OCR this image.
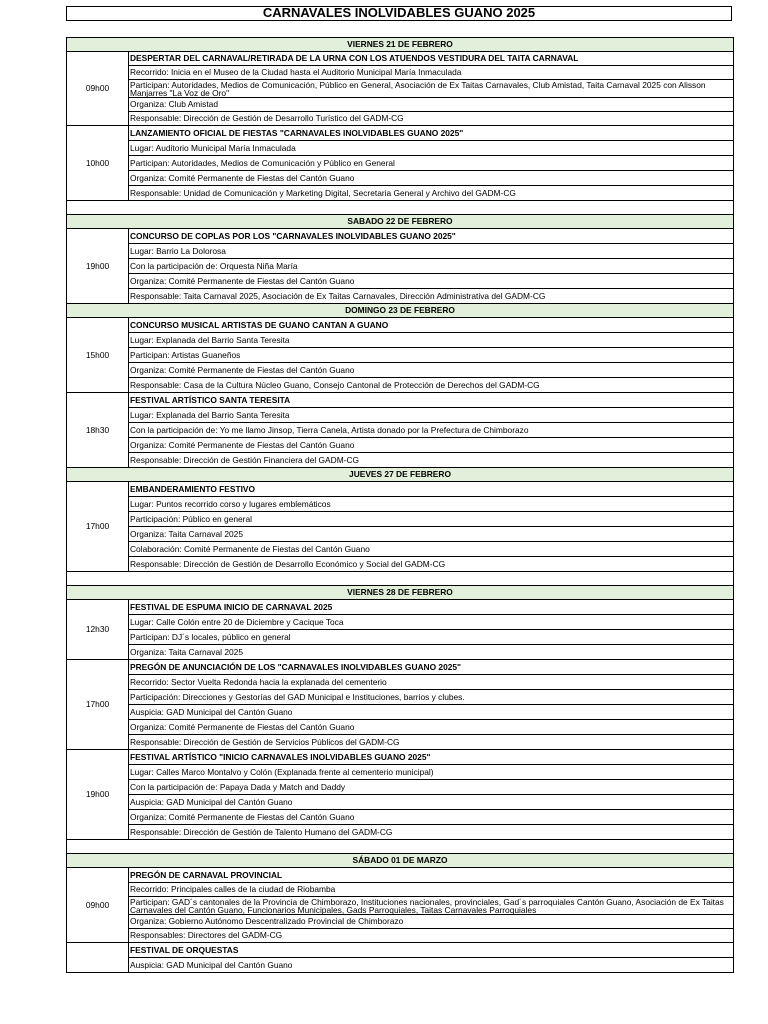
CARNAVALES INOLVIDABLES GUANO 2025
VIERNES 21 DE FEBRERO	
09h00	DESPERTAR DEL CARNAVAL/RETIRADA DE LA URNA CON LOS ATUENDOS VESTIDURA DEL TAITA CARNAVAL
	Recorrido: Inicia en el Museo de la Ciudad hasta el Auditorio Municipal María Inmaculada
	Participan: Autoridades, Medios de Comunicación, Público en General, Asociación de Ex Taitas Carnavales, Club Amistad, Taita Carnaval 2025 con Alisson Manjarres "La Voz de Oro"
	Organiza: Club Amistad
	Responsable: Dirección de Gestión de Desarrollo Turístico del GADM-CG
10h00	LANZAMIENTO OFICIAL DE FIESTAS "CARNAVALES INOLVIDABLES GUANO 2025"
	Lugar: Auditorio Municipal María Inmaculada
	Participan: Autoridades, Medios de Comunicación y Público en General
	Organiza: Comité Permanente de Fiestas del Cantón Guano
	Responsable: Unidad de Comunicación y Marketing Digital, Secretaria General y Archivo del GADM-CG

SABADO 22 DE FEBRERO	
19h00	CONCURSO DE COPLAS POR LOS "CARNAVALES INOLVIDABLES GUANO 2025"
	Lugar: Barrio La Dolorosa
	Con la participación de: Orquesta Niña María
	Organiza: Comité Permanente de Fiestas del Cantón Guano
	Responsable: Taita Carnaval 2025, Asociación de Ex Taitas Carnavales, Dirección Administrativa del GADM-CG
DOMINGO 23 DE FEBRERO	
15h00	CONCURSO MUSICAL ARTISTAS DE GUANO CANTAN A GUANO
	Lugar: Explanada del Barrio Santa Teresita
	Participan: Artistas Guaneños
	Organiza: Comité Permanente de Fiestas del Cantón Guano
	Responsable: Casa de la Cultura Núcleo Guano, Consejo Cantonal de Protección de Derechos del GADM-CG
18h30	FESTIVAL ARTÍSTICO SANTA TERESITA
	Lugar: Explanada del Barrio Santa Teresita
	Con la participación de: Yo me llamo Jinsop, Tierra Canela, Artista donado por la Prefectura de Chimborazo
	Organiza: Comité Permanente de Fiestas del Cantón Guano
	Responsable: Dirección de Gestión Financiera del GADM-CG
JUEVES 27 DE FEBRERO	
17h00	EMBANDERAMIENTO FESTIVO
	Lugar: Puntos recorrido corso y lugares emblemáticos
	Participación: Público en general
	Organiza: Taita Carnaval 2025
	Colaboración: Comité Permanente de Fiestas del Cantón Guano
	Responsable: Dirección de Gestión de Desarrollo Económico y Social del GADM-CG

VIERNES 28 DE FEBRERO	
12h30	FESTIVAL DE ESPUMA INICIO DE CARNAVAL 2025
	Lugar: Calle Colón entre 20 de Diciembre y Cacique Toca
	Participan: DJ´s locales, público en general
	Organiza: Taita Carnaval 2025
17h00	PREGÓN DE ANUNCIACIÓN DE LOS "CARNAVALES INOLVIDABLES GUANO 2025"
	Recorrido: Sector Vuelta Redonda hacia la explanada del cementerio
	Participación: Direcciones y Gestorías del GAD Municipal e Instituciones, barrios y clubes.
	Auspicia: GAD Municipal del Cantón Guano
	Organiza: Comité Permanente de Fiestas del Cantón Guano
	Responsable: Dirección de Gestión de Servicios Públicos del GADM-CG
19h00	FESTIVAL ARTÍSTICO "INICIO CARNAVALES INOLVIDABLES GUANO 2025"
	Lugar: Calles Marco Montalvo y Colón (Explanada frente al cementerio municipal)
	Con la participación de: Papaya Dada y Match and Daddy
	Auspicia: GAD Municipal del Cantón Guano
	Organiza: Comité Permanente de Fiestas del Cantón Guano
	Responsable: Dirección de Gestión de Talento Humano del GADM-CG

SÁBADO 01 DE MARZO	
09h00	PREGÓN DE CARNAVAL PROVINCIAL
	Recorrido: Principales calles de la ciudad de Riobamba
	Participan: GAD´s cantonales de la Provincia de Chimborazo, Instituciones nacionales, provinciales, Gad´s parroquiales Cantón Guano, Asociación de Ex Taitas Carnavales del Cantón Guano, Funcionarios Municipales, Gads Parroquiales, Taitas Carnavales Parroquiales
	Organiza: Gobierno Autónomo Descentralizado Provincial de Chimborazo
	Responsables: Directores del GADM-CG
	FESTIVAL DE ORQUESTAS
	Auspicia: GAD Municipal del Cantón Guano
